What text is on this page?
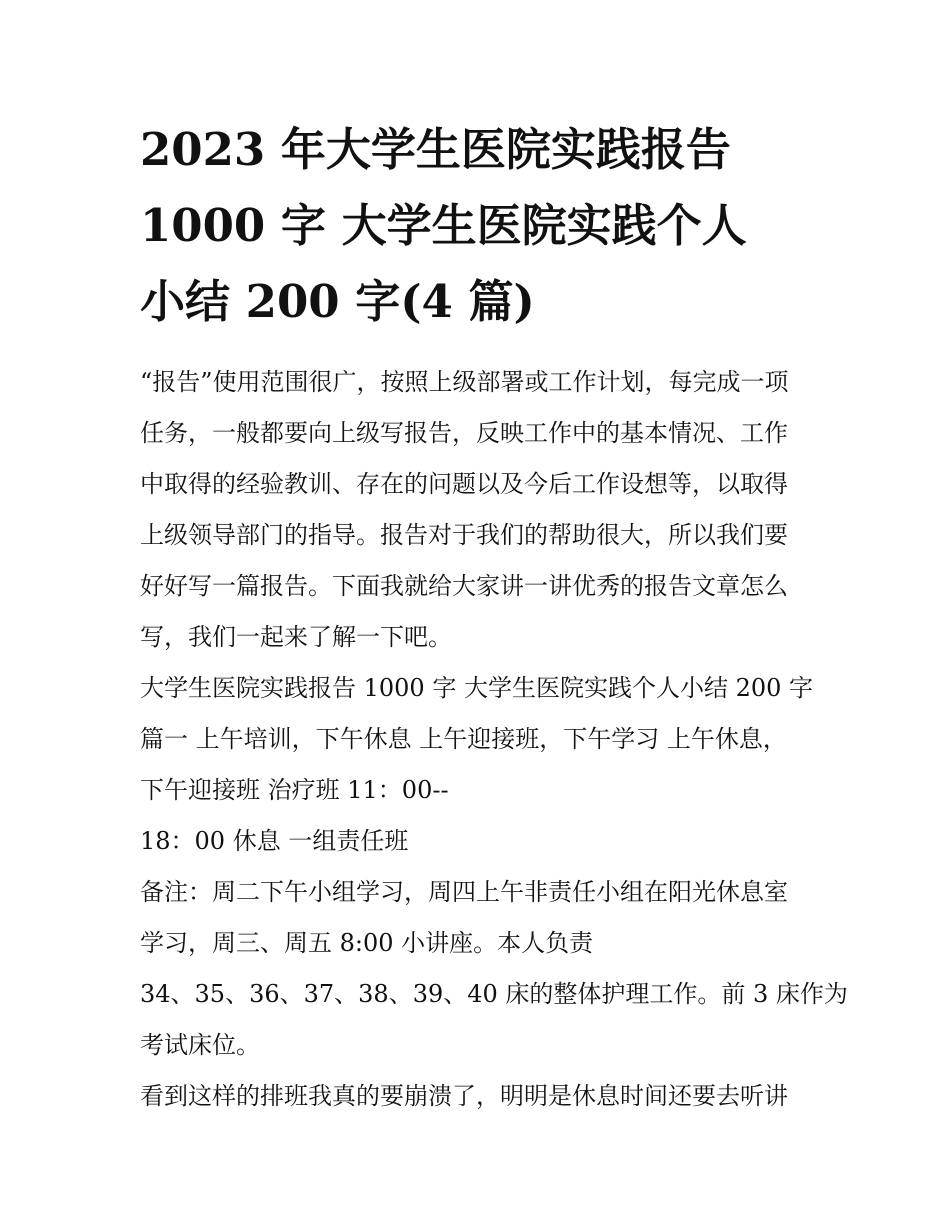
2023 年大学生医院实践报告
1000 字 大学生医院实践个人
小结 200 字(4 篇)

“报告”使用范围很广，按照上级部署或工作计划，每完成一项
任务，一般都要向上级写报告，反映工作中的基本情况、工作
中取得的经验教训、存在的问题以及今后工作设想等，以取得
上级领导部门的指导。报告对于我们的帮助很大，所以我们要
好好写一篇报告。下面我就给大家讲一讲优秀的报告文章怎么
写，我们一起来了解一下吧。

大学生医院实践报告 1000 字 大学生医院实践个人小结 200 字
篇一 上午培训，下午休息 上午迎接班，下午学习 上午休息，
下午迎接班 治疗班 11：00--

18：00 休息 一组责任班

备注：周二下午小组学习，周四上午非责任小组在阳光休息室
学习，周三、周五 8:00 小讲座。本人负责

34、35、36、37、38、39、40 床的整体护理工作。前 3 床作为
考试床位。

看到这样的排班我真的要崩溃了，明明是休息时间还要去听讲
